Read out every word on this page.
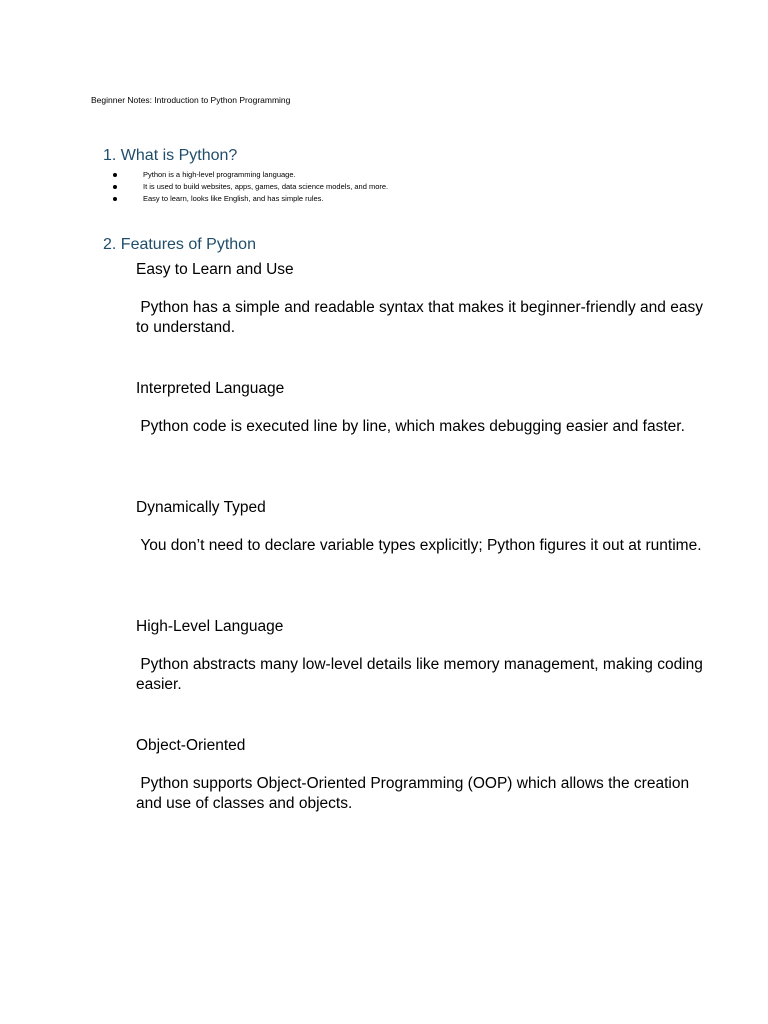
Beginner Notes: Introduction to Python Programming
1. What is Python?
Python is a high-level programming language.
It is used to build websites, apps, games, data science models, and more.
Easy to learn, looks like English, and has simple rules.
2. Features of Python
Easy to Learn and Use
Python has a simple and readable syntax that makes it beginner-friendly and easy to understand.
Interpreted Language
Python code is executed line by line, which makes debugging easier and faster.
Dynamically Typed
You don’t need to declare variable types explicitly; Python figures it out at runtime.
High-Level Language
Python abstracts many low-level details like memory management, making coding easier.
Object-Oriented
Python supports Object-Oriented Programming (OOP) which allows the creation and use of classes and objects.
